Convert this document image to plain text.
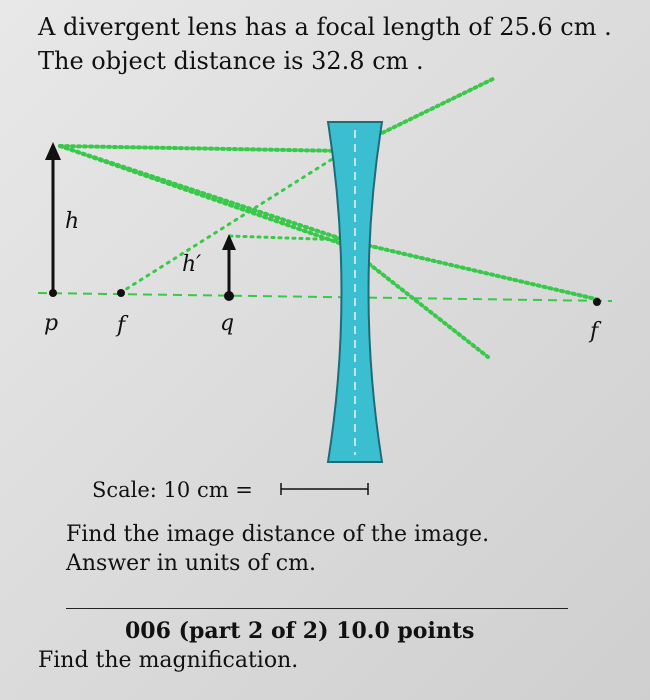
A divergent lens has a focal length of 25.6 cm .
The object distance is 32.8 cm .
h
h′
p	f	q	f
Scale: 10 cm =
Find the image distance of the image.
Answer in units of cm.
006 (part 2 of 2) 10.0 points
Find the magnification.
